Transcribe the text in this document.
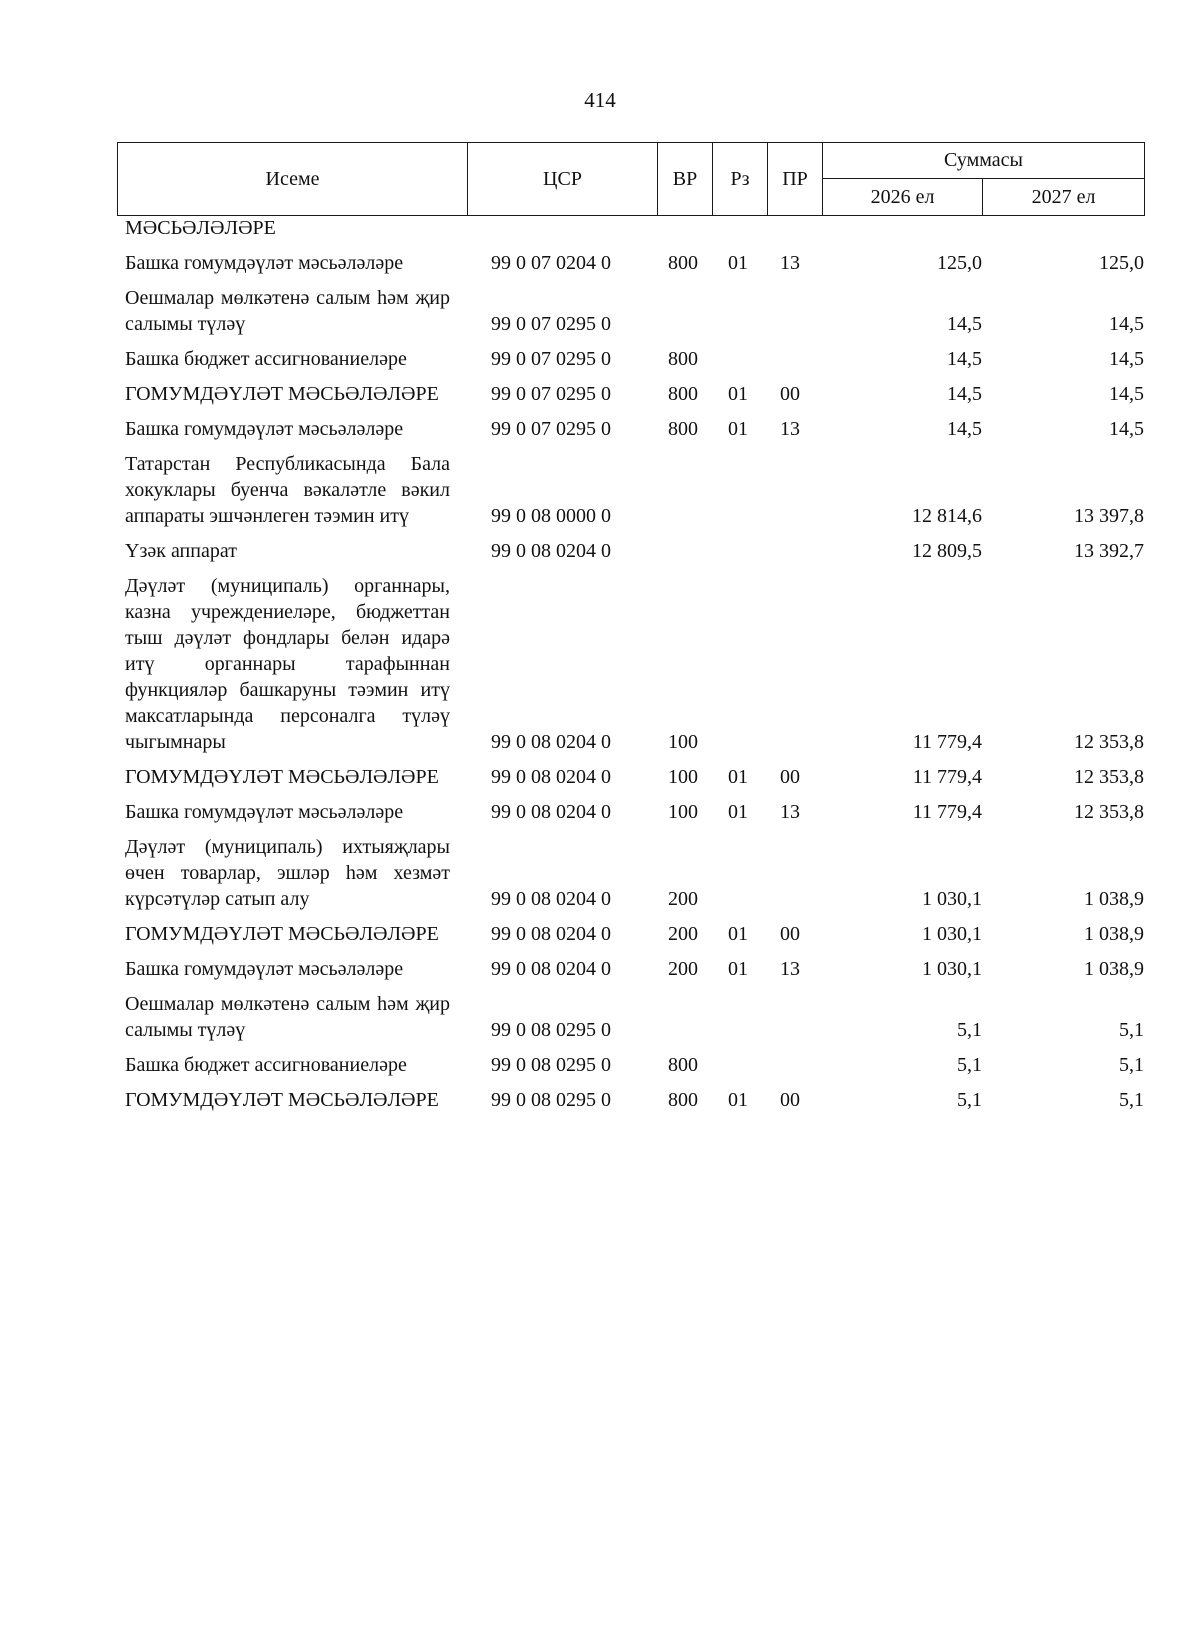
414
Исеме	ЦСР	ВР	Рз	ПР	Суммасы	
					2026 ел	2027 ел
МӘСЬӘЛӘЛӘРЕ						

Башка гомумдәүләт мәсьәләләре	99 0 07 0204 0	800	01	13	125,0	125,0

Оешмалар мөлкәтенә салым һәм җир салымы түләү	99 0 07 0295 0				14,5	14,5

Башка бюджет ассигнованиеләре	99 0 07 0295 0	800			14,5	14,5

ГОМУМДӘҮЛӘТ МӘСЬӘЛӘЛӘРЕ	99 0 07 0295 0	800	01	00	14,5	14,5

Башка гомумдәүләт мәсьәләләре	99 0 07 0295 0	800	01	13	14,5	14,5

Татарстан Республикасында Бала хокуклары буенча вәкаләтле вәкил аппараты эшчәнлеген тәэмин итү	99 0 08 0000 0				12 814,6	13 397,8

Үзәк аппарат	99 0 08 0204 0				12 809,5	13 392,7

Дәүләт (муниципаль) органнары, казна учреждениеләре, бюджеттан тыш дәүләт фондлары белән идарә итү органнары тарафыннан функцияләр башкаруны тәэмин итү максатларында персоналга түләү чыгымнары	99 0 08 0204 0	100			11 779,4	12 353,8

ГОМУМДӘҮЛӘТ МӘСЬӘЛӘЛӘРЕ	99 0 08 0204 0	100	01	00	11 779,4	12 353,8

Башка гомумдәүләт мәсьәләләре	99 0 08 0204 0	100	01	13	11 779,4	12 353,8

Дәүләт (муниципаль) ихтыяҗлары өчен товарлар, эшләр һәм хезмәт күрсәтүләр сатып алу	99 0 08 0204 0	200			1 030,1	1 038,9

ГОМУМДӘҮЛӘТ МӘСЬӘЛӘЛӘРЕ	99 0 08 0204 0	200	01	00	1 030,1	1 038,9

Башка гомумдәүләт мәсьәләләре	99 0 08 0204 0	200	01	13	1 030,1	1 038,9

Оешмалар мөлкәтенә салым һәм җир салымы түләү	99 0 08 0295 0				5,1	5,1

Башка бюджет ассигнованиеләре	99 0 08 0295 0	800			5,1	5,1

ГОМУМДӘҮЛӘТ МӘСЬӘЛӘЛӘРЕ	99 0 08 0295 0	800	01	00	5,1	5,1
